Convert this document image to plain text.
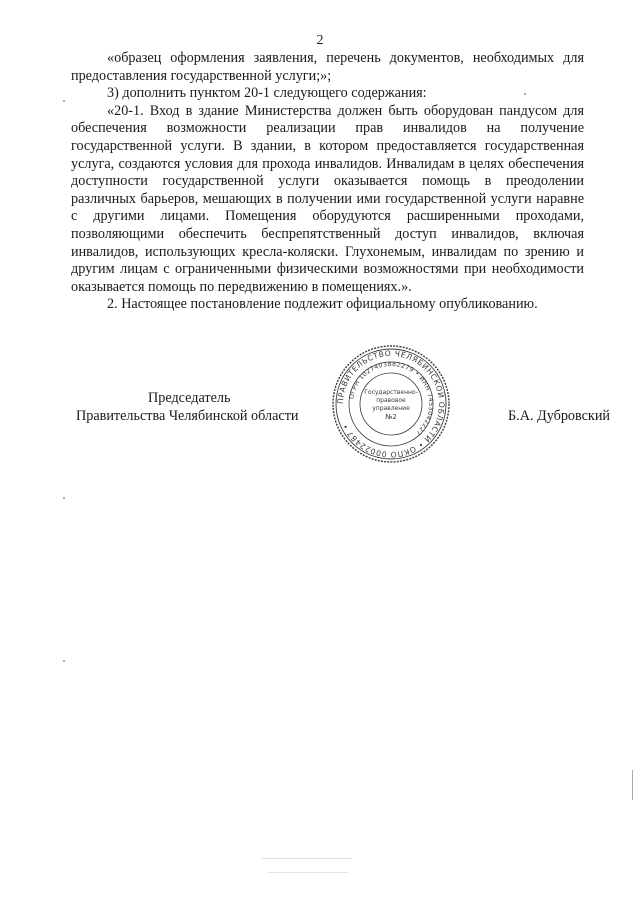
2

«образец оформления заявления, перечень документов, необходимых для предоставления государственной услуги;»;

3) дополнить пунктом 20-1 следующего содержания:

«20-1. Вход в здание Министерства должен быть оборудован пандусом для обеспечения возможности реализации прав инвалидов на получение государственной услуги. В здании, в котором предоставляется государственная услуга, создаются условия для прохода инвалидов. Инвалидам в целях обеспечения доступности государственной услуги оказывается помощь в преодолении различных барьеров, мешающих в получении ими государственной услуги наравне с другими лицами. Помещения оборудуются расширенными проходами, позволяющими обеспечить беспрепятственный доступ инвалидов, включая инвалидов, использующих кресла-коляски. Глухонемым, инвалидам по зрению и другим лицам с ограниченными физическими возможностями при необходимости оказывается помощь по передвижению в помещениях.».

2. Настоящее постановление подлежит официальному опубликованию.

Председатель
Правительства Челябинской области	Б.А. Дубровский
ПРАВИТЕЛЬСТВО ЧЕЛЯБИНСКОЙ ОБЛАСТИ • ОКПО 00022487 •
ОГРН 1027403882279 • ИНН 7453042227
Государственно-
правовое
управление
№2
